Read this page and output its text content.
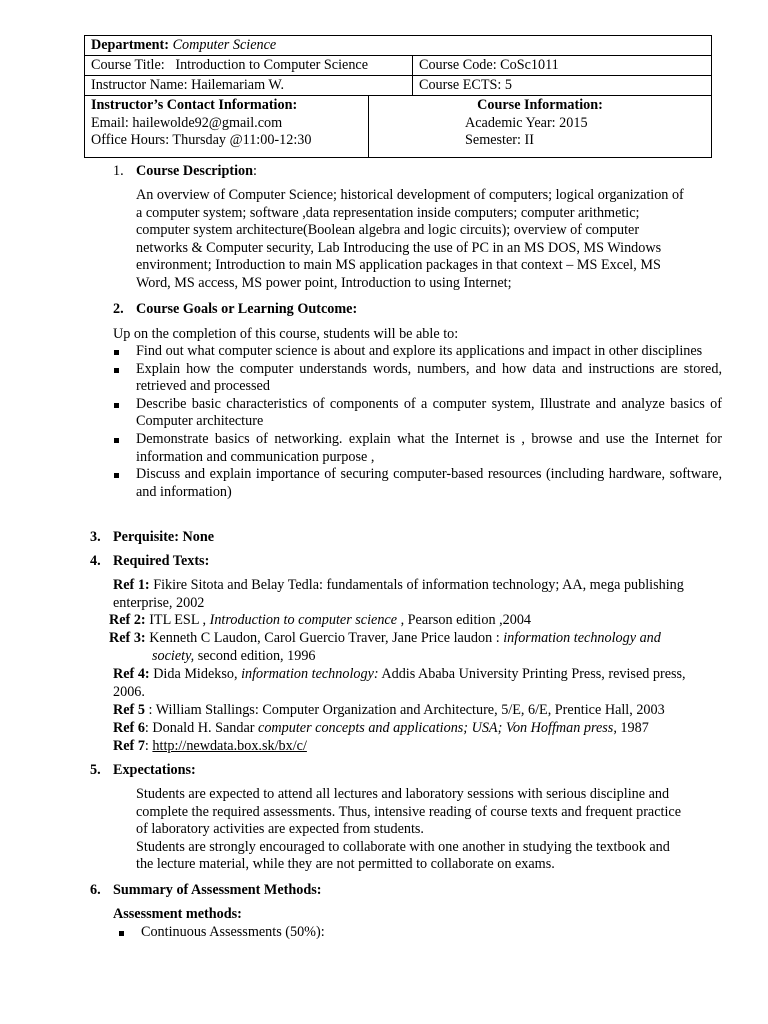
Department: Computer Science
Course Title: Introduction to Computer Science	Course Code: CoSc1011
Instructor Name: Hailemariam W.	Course ECTS: 5
Instructor’s Contact Information:
Email: hailewolde92@gmail.com
Office Hours: Thursday @11:00-12:30
Course Information:
Academic Year: 2015
Semester: II
1. Course Description:
An overview of Computer Science; historical development of computers; logical organization of
a computer system; software ,data representation inside computers; computer arithmetic;
computer system architecture(Boolean algebra and logic circuits); overview of computer
networks & Computer security, Lab Introducing the use of PC in an MS DOS, MS Windows
environment; Introduction to main MS application packages in that context – MS Excel, MS
Word, MS access, MS power point, Introduction to using Internet;
2. Course Goals or Learning Outcome:
Up on the completion of this course, students will be able to:
Find out what computer science is about and explore its applications and impact in other disciplines
Explain how the computer understands words, numbers, and how data and instructions are stored, retrieved and processed
Describe basic characteristics of components of a computer system, Illustrate and analyze basics of Computer architecture
Demonstrate basics of networking. explain what the Internet is , browse and use the Internet for information and communication purpose ,
Discuss and explain importance of securing computer-based resources (including hardware, software, and information)
3. Perquisite: None
4. Required Texts:
Ref 1: Fikire Sitota and Belay Tedla: fundamentals of information technology; AA, mega publishing
enterprise, 2002
Ref 2: ITL ESL , Introduction to computer science , Pearson edition ,2004
Ref 3: Kenneth C Laudon, Carol Guercio Traver, Jane Price laudon : information technology and
society, second edition, 1996
Ref 4: Dida Midekso, information technology: Addis Ababa University Printing Press, revised press,
2006.
Ref 5 : William Stallings: Computer Organization and Architecture, 5/E, 6/E, Prentice Hall, 2003
Ref 6: Donald H. Sandar computer concepts and applications; USA; Von Hoffman press, 1987
Ref 7: http://newdata.box.sk/bx/c/
5. Expectations:
Students are expected to attend all lectures and laboratory sessions with serious discipline and
complete the required assessments. Thus, intensive reading of course texts and frequent practice
of laboratory activities are expected from students.
Students are strongly encouraged to collaborate with one another in studying the textbook and
the lecture material, while they are not permitted to collaborate on exams.
6. Summary of Assessment Methods:
Assessment methods:
Continuous Assessments (50%):
